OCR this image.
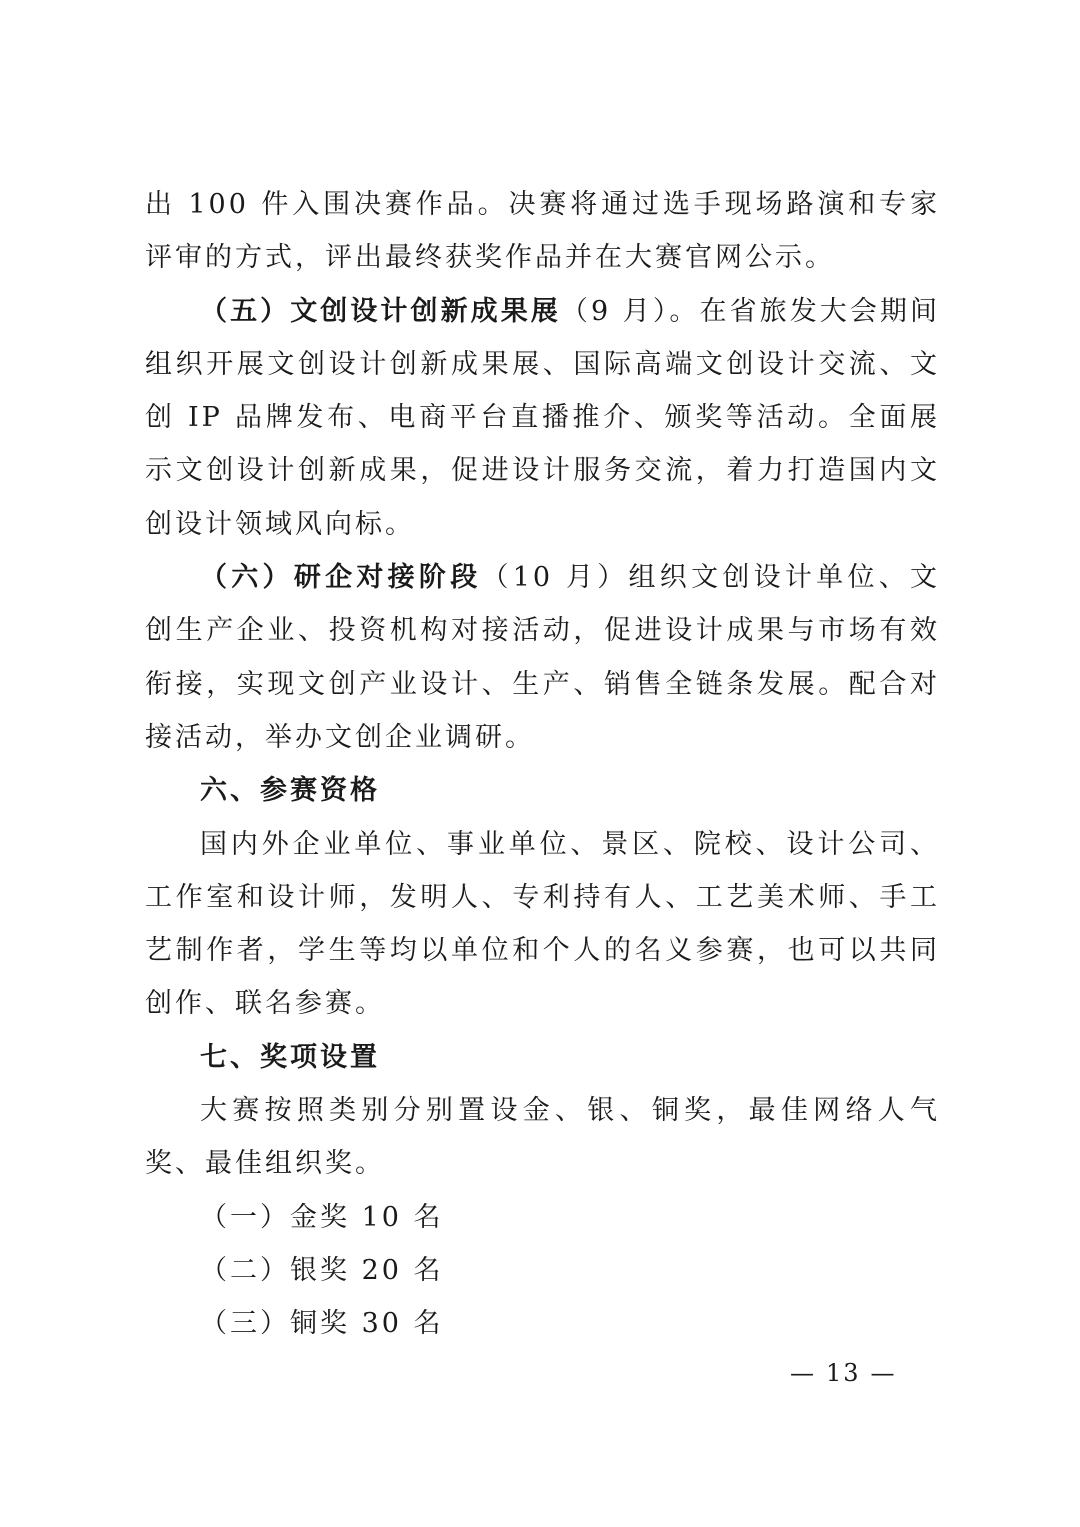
出 100 件入围决赛作品。决赛将通过选手现场路演和专家评审的方式，评出最终获奖作品并在大赛官网公示。

（五）文创设计创新成果展（9 月）。在省旅发大会期间组织开展文创设计创新成果展、国际高端文创设计交流、文创 IP 品牌发布、电商平台直播推介、颁奖等活动。全面展示文创设计创新成果，促进设计服务交流，着力打造国内文创设计领域风向标。

（六）研企对接阶段（10 月）组织文创设计单位、文创生产企业、投资机构对接活动，促进设计成果与市场有效衔接，实现文创产业设计、生产、销售全链条发展。配合对接活动，举办文创企业调研。

六、参赛资格

国内外企业单位、事业单位、景区、院校、设计公司、工作室和设计师，发明人、专利持有人、工艺美术师、手工艺制作者，学生等均以单位和个人的名义参赛，也可以共同创作、联名参赛。

七、奖项设置

大赛按照类别分别置设金、银、铜奖，最佳网络人气奖、最佳组织奖。

（一）金奖 10 名

（二）银奖 20 名

（三）铜奖 30 名

— 13 —
